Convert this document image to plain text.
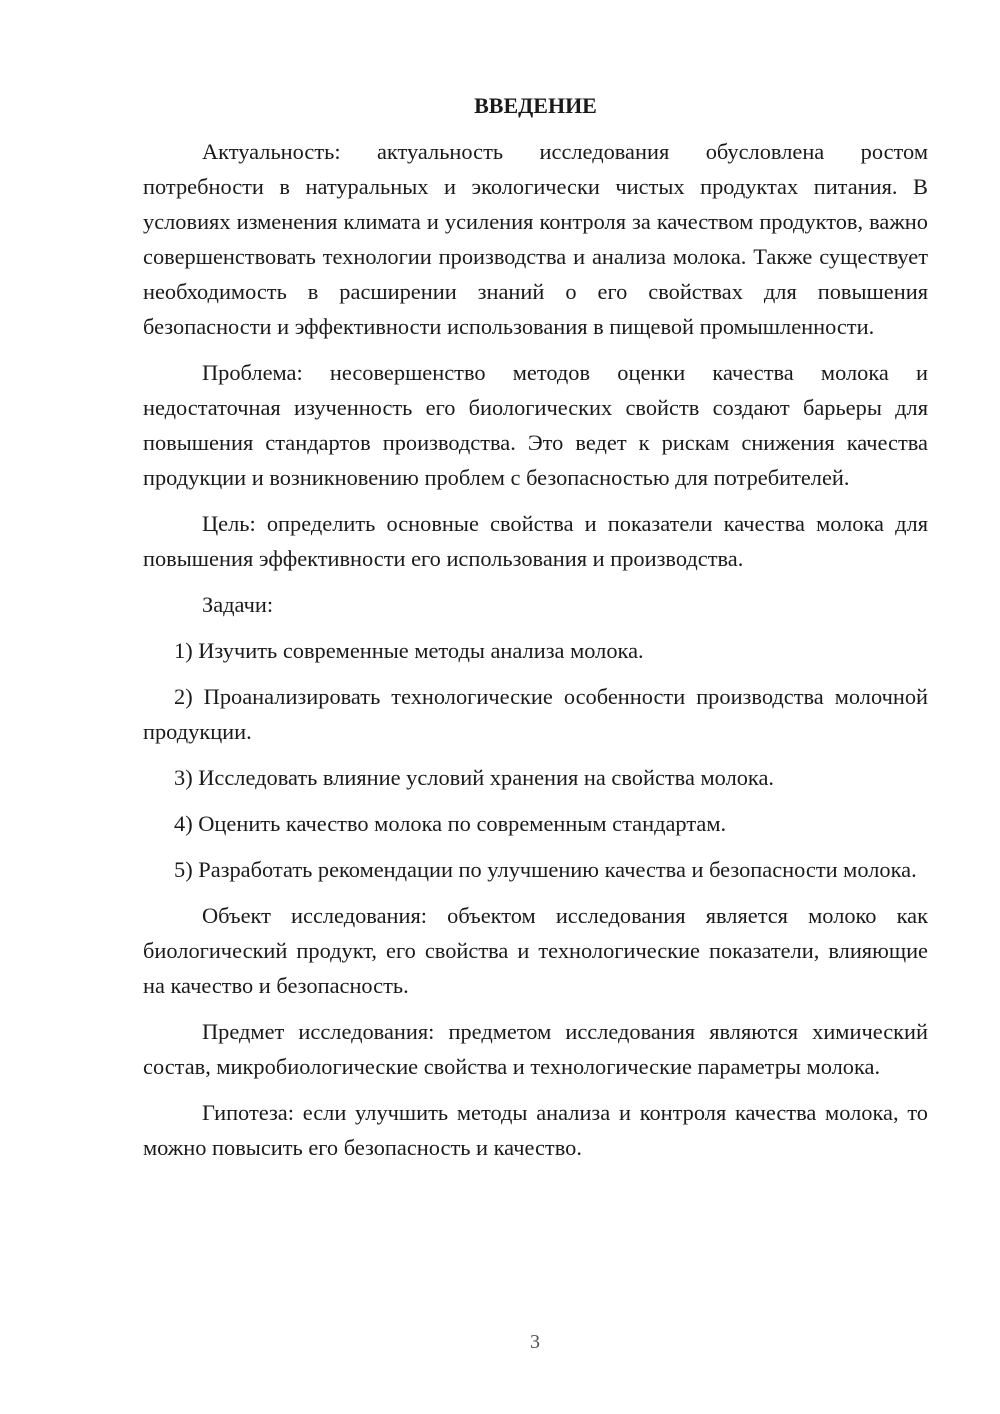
ВВЕДЕНИЕ

Актуальность: актуальность исследования обусловлена ростом потребности в натуральных и экологически чистых продуктах питания. В условиях изменения климата и усиления контроля за качеством продуктов, важно совершенствовать технологии производства и анализа молока. Также существует необходимость в расширении знаний о его свойствах для повышения безопасности и эффективности использования в пищевой промышленности.

Проблема: несовершенство методов оценки качества молока и недостаточная изученность его биологических свойств создают барьеры для повышения стандартов производства. Это ведет к рискам снижения качества продукции и возникновению проблем с безопасностью для потребителей.

Цель: определить основные свойства и показатели качества молока для повышения эффективности его использования и производства.

Задачи:

1) Изучить современные методы анализа молока.

2) Проанализировать технологические особенности производства молочной продукции.

3) Исследовать влияние условий хранения на свойства молока.

4) Оценить качество молока по современным стандартам.

5) Разработать рекомендации по улучшению качества и безопасности молока.

Объект исследования: объектом исследования является молоко как биологический продукт, его свойства и технологические показатели, влияющие на качество и безопасность.

Предмет исследования: предметом исследования являются химический состав, микробиологические свойства и технологические параметры молока.

Гипотеза: если улучшить методы анализа и контроля качества молока, то можно повысить его безопасность и качество.

3
